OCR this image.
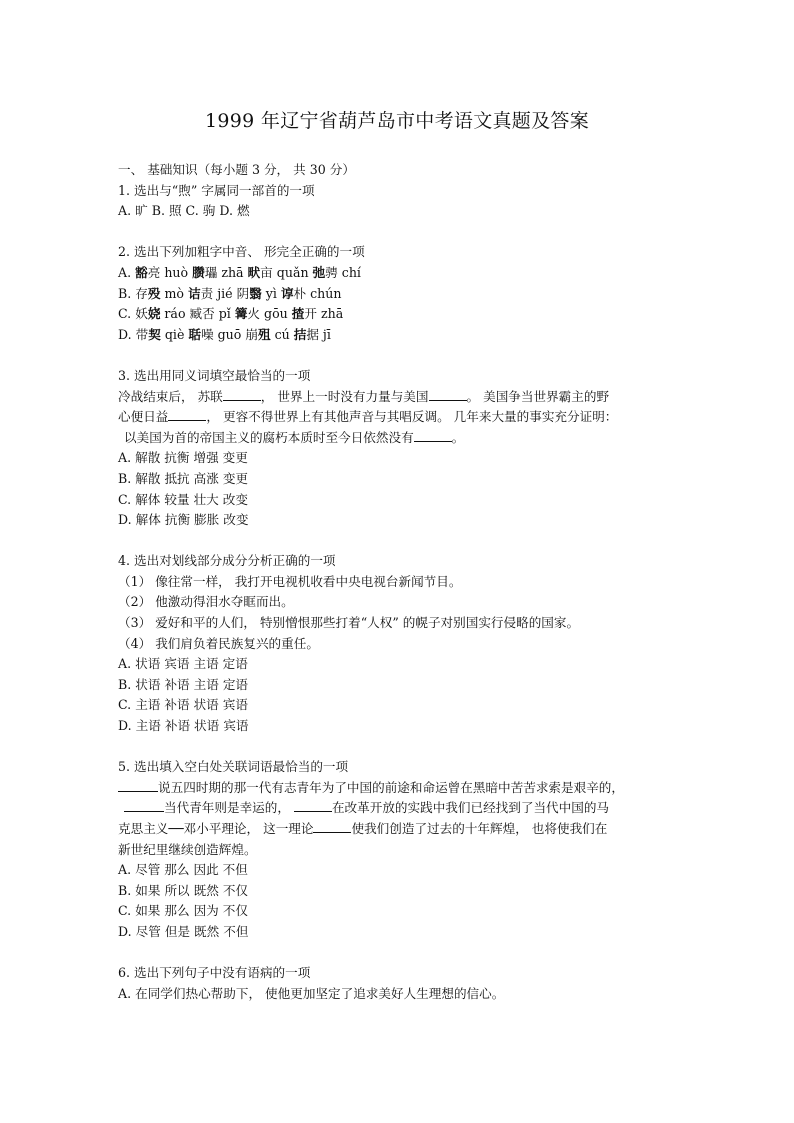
1999 年辽宁省葫芦岛市中考语文真题及答案
一、 基础知识（每小题 3 分， 共 30 分）
1. 选出与“煦” 字属同一部首的一项
A. 旷 B. 照 C. 驹 D. 燃
2. 选出下列加粗字中音、 形完全正确的一项
A. 豁亮 huò 臜瓃 zhā 畎亩 quǎn 弛骋 chí
B. 存殁 mò 诘责 jié 阴翳 yì 谆朴 chún
C. 妖娆 ráo 臧否 pǐ 篝火 gōu 揸开 zhā
D. 带契 qiè 聒噪 guō 崩殂 cú 拮据 jī
3. 选出用同义词填空最恰当的一项
冷战结束后， 苏联	， 世界上一时没有力量与美国	。 美国争当世界霸主的野
心便日益	， 更容不得世界上有其他声音与其唱反调。 几年来大量的事实充分证明：
以美国为首的帝国主义的腐朽本质时至今日依然没有	。
A. 解散 抗衡 增强 变更
B. 解散 抵抗 高涨 变更
C. 解体 较量 壮大 改变
D. 解体 抗衡 膨胀 改变
4. 选出对划线部分成分分析正确的一项
（1） 像往常一样， 我打开电视机收看中央电视台新闻节目。
（2） 他激动得泪水夺眶而出。
（3） 爱好和平的人们， 特别憎恨那些打着“人权” 的幌子对别国实行侵略的国家。
（4） 我们肩负着民族复兴的重任。
A. 状语 宾语 主语 定语
B. 状语 补语 主语 定语
C. 主语 补语 状语 宾语
D. 主语 补语 状语 宾语
5. 选出填入空白处关联词语最恰当的一项
说五四时期的那一代有志青年为了中国的前途和命运曾在黑暗中苦苦求索是艰辛的，
当代青年则是幸运的，	在改革开放的实践中我们已经找到了当代中国的马
克思主义──邓小平理论， 这一理论	使我们创造了过去的十年辉煌， 也将使我们在
新世纪里继续创造辉煌。
A. 尽管 那么 因此 不但
B. 如果 所以 既然 不仅
C. 如果 那么 因为 不仅
D. 尽管 但是 既然 不但
6. 选出下列句子中没有语病的一项
A. 在同学们热心帮助下， 使他更加坚定了追求美好人生理想的信心。
